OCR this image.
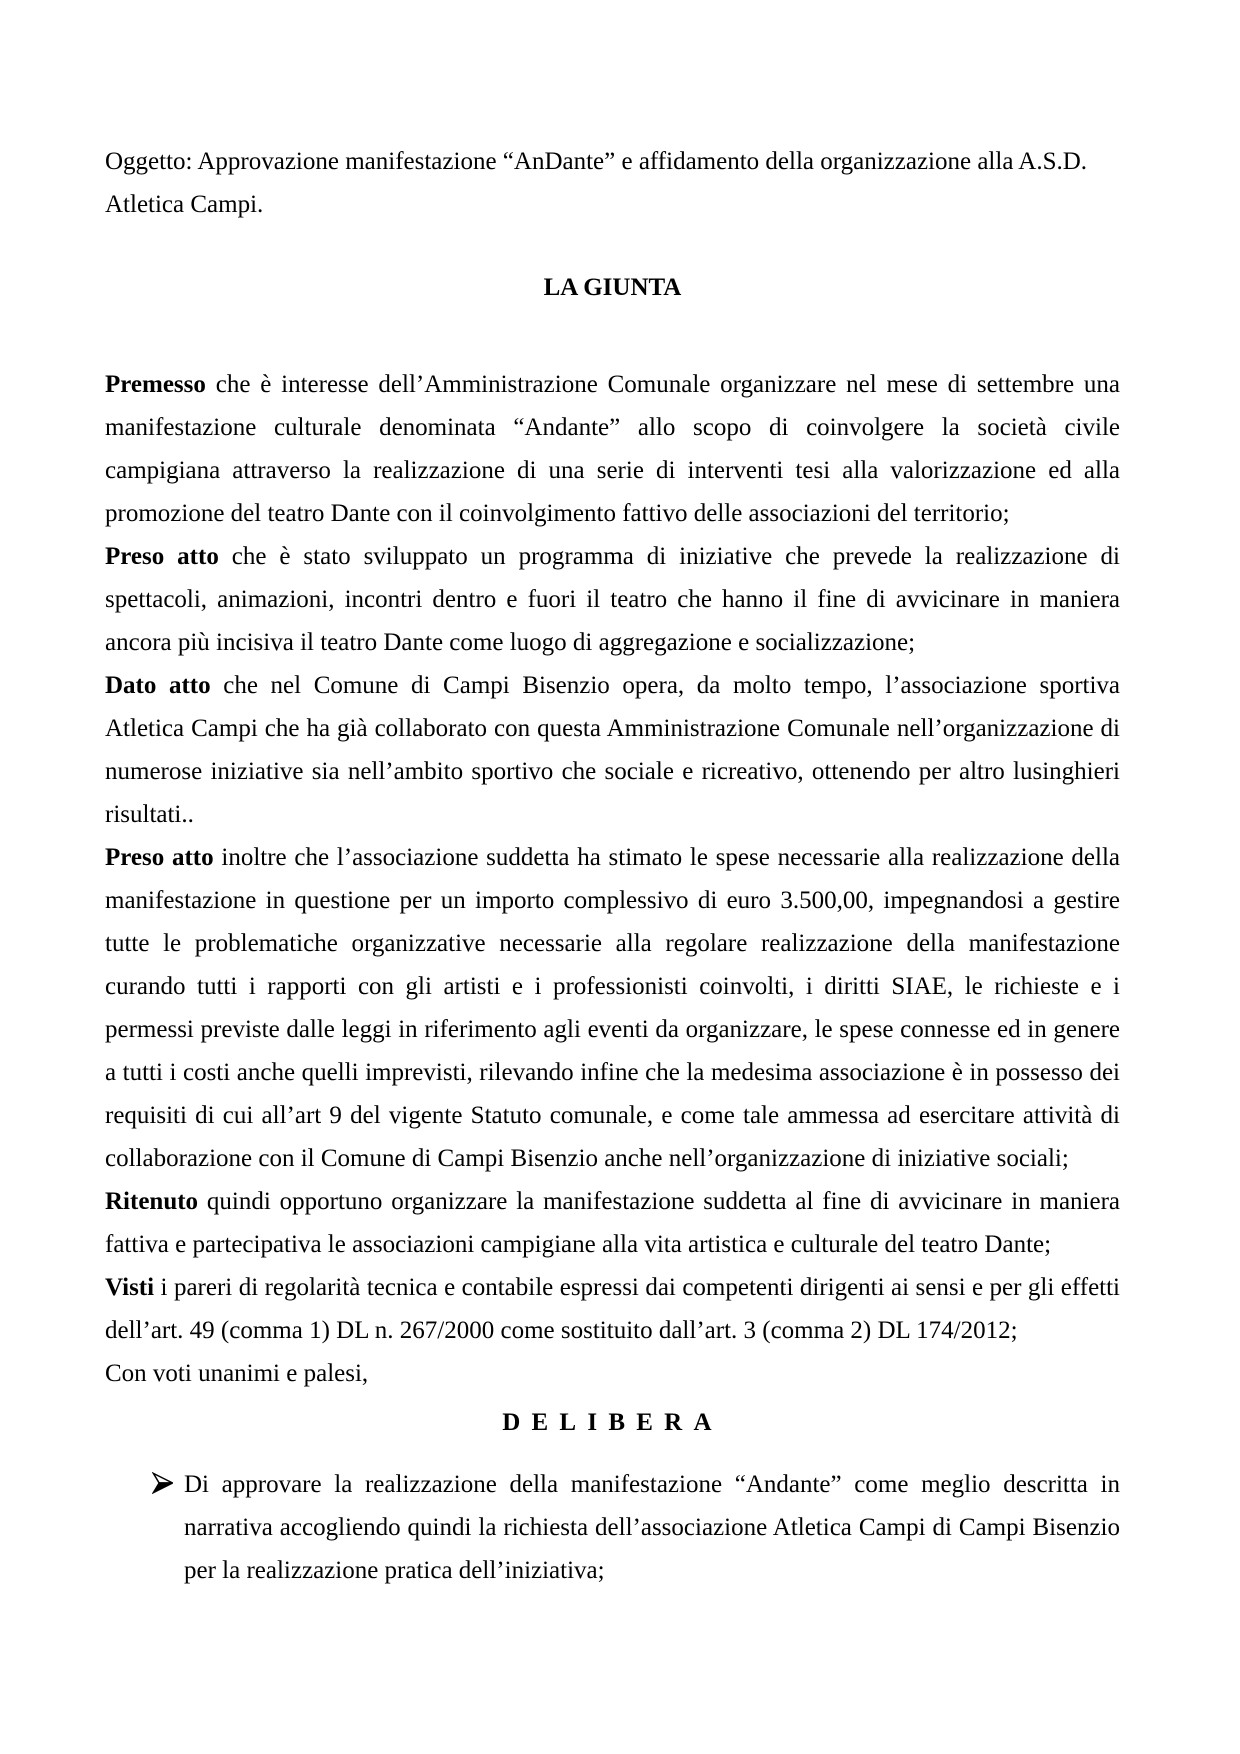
Oggetto: Approvazione manifestazione “AnDante” e affidamento della organizzazione alla A.S.D. Atletica Campi.

LA GIUNTA

Premesso che è interesse dell’Amministrazione Comunale organizzare nel mese di settembre una manifestazione culturale denominata “Andante” allo scopo di coinvolgere la società civile campigiana attraverso la realizzazione di una serie di interventi tesi alla valorizzazione ed alla promozione del teatro Dante con il coinvolgimento fattivo delle associazioni del territorio;

Preso atto che è stato sviluppato un programma di iniziative che prevede la realizzazione di spettacoli, animazioni, incontri dentro e fuori il teatro che hanno il fine di avvicinare in maniera ancora più incisiva il teatro Dante come luogo di aggregazione e socializzazione;

Dato atto che nel Comune di Campi Bisenzio opera, da molto tempo, l’associazione sportiva Atletica Campi che ha già collaborato con questa Amministrazione Comunale nell’organizzazione di numerose iniziative sia nell’ambito sportivo che sociale e ricreativo, ottenendo per altro lusinghieri risultati..

Preso atto inoltre che l’associazione suddetta ha stimato le spese necessarie alla realizzazione della manifestazione in questione per un importo complessivo di euro 3.500,00, impegnandosi a gestire tutte le problematiche organizzative necessarie alla regolare realizzazione della manifestazione curando tutti i rapporti con gli artisti e i professionisti coinvolti, i diritti SIAE, le richieste e i permessi previste dalle leggi in riferimento agli eventi da organizzare, le spese connesse ed in genere a tutti i costi anche quelli imprevisti, rilevando infine che la medesima associazione è in possesso dei requisiti di cui all’art 9 del vigente Statuto comunale, e come tale ammessa ad esercitare attività di collaborazione con il Comune di Campi Bisenzio anche nell’organizzazione di iniziative sociali;

Ritenuto quindi opportuno organizzare la manifestazione suddetta al fine di avvicinare in maniera fattiva e partecipativa le associazioni campigiane alla vita artistica e culturale del teatro Dante;

Visti i pareri di regolarità tecnica e contabile espressi dai competenti dirigenti ai sensi e per gli effetti dell’art. 49 (comma 1) DL n. 267/2000 come sostituito dall’art. 3 (comma 2) DL 174/2012;

Con voti unanimi e palesi,

DELIBERA
Di approvare la realizzazione della manifestazione “Andante” come meglio descritta in narrativa accogliendo quindi la richiesta dell’associazione Atletica Campi di Campi Bisenzio per la realizzazione pratica dell’iniziativa;
